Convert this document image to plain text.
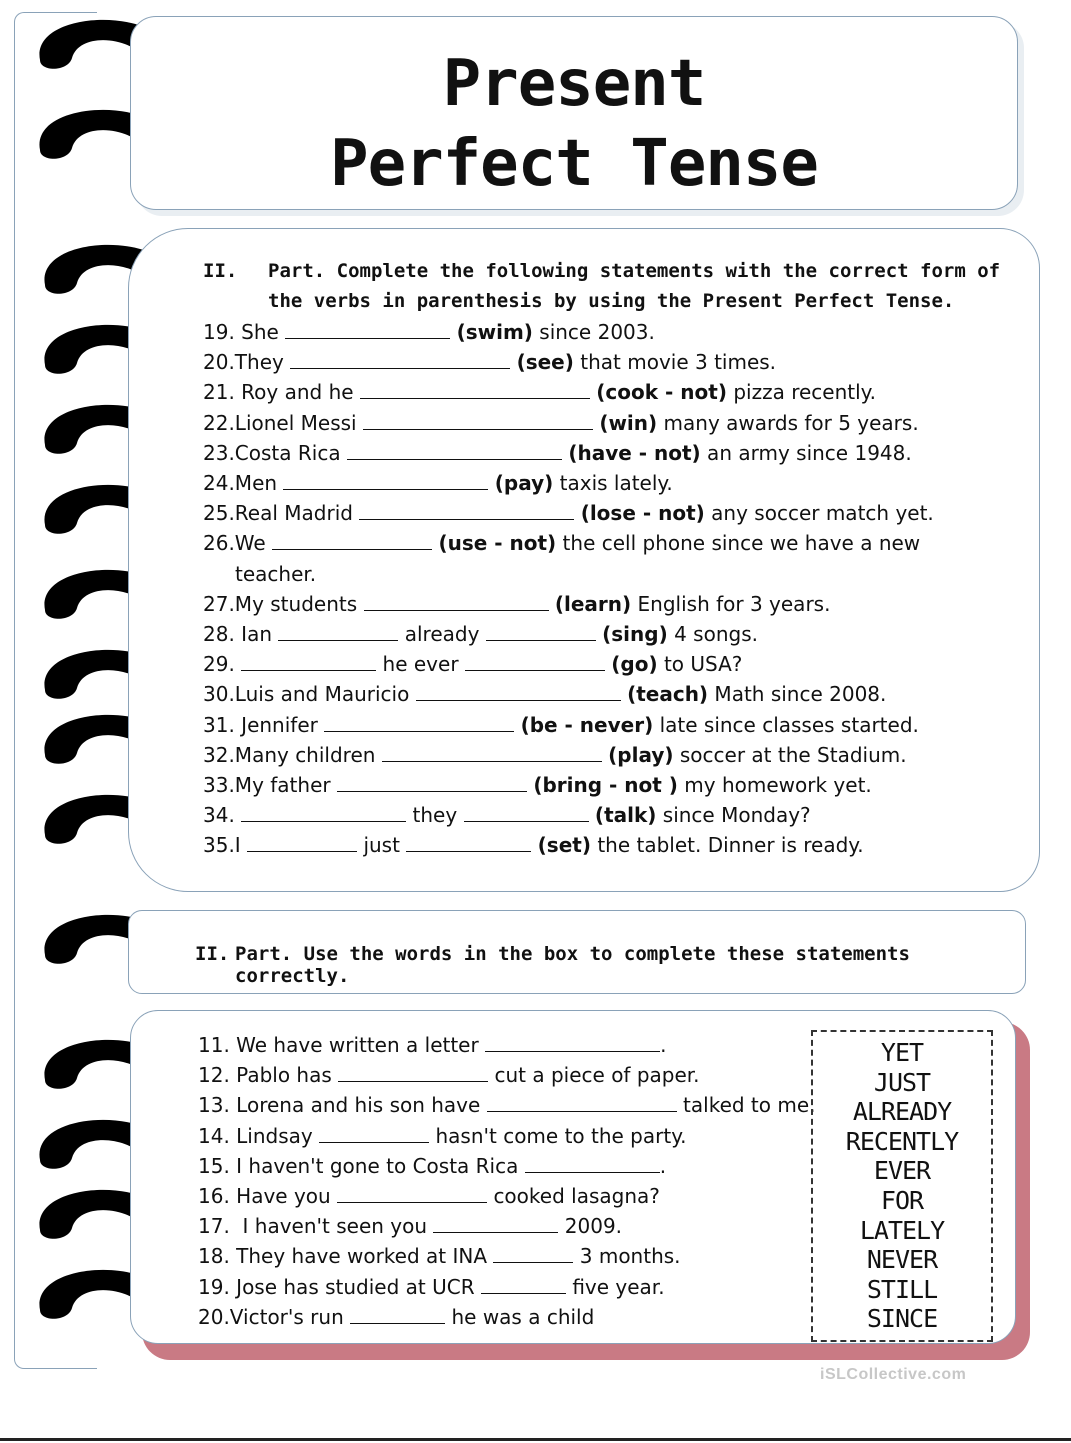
Present
Perfect Tense
II. Part. Complete the following statements with the correct form of
the verbs in parenthesis by using the Present Perfect Tense.
19. She	(swim) since 2003.
20.They	(see) that movie 3 times.
21. Roy and he	(cook - not) pizza recently.
22.Lionel Messi	(win) many awards for 5 years.
23.Costa Rica	(have - not) an army since 1948.
24.Men	(pay) taxis lately.
25.Real Madrid	(lose - not) any soccer match yet.
26.We	(use - not) the cell phone since we have a new
teacher.
27.My students	(learn) English for 3 years.
28. Ian	already	(sing) 4 songs.
29.	he ever	(go) to USA?
30.Luis and Mauricio	(teach) Math since 2008.
31. Jennifer	(be - never) late since classes started.
32.Many children	(play) soccer at the Stadium.
33.My father	(bring - not ) my homework yet.
34.	they	(talk) since Monday?
35.I	just	(set) the tablet. Dinner is ready.
II. Part. Use the words in the box to complete these statements correctly.
11. We have written a letter	.
12. Pablo has	cut a piece of paper.
13. Lorena and his son have	talked to me.
14. Lindsay	hasn't come to the party.
15. I haven't gone to Costa Rica	.
16. Have you	cooked lasagna?
17.  I haven't seen you	2009.
18. They have worked at INA	3 months.
19. Jose has studied at UCR	five year.
20.Victor's run	he was a child
YET
JUST
ALREADY
RECENTLY
EVER
FOR
LATELY
NEVER
STILL
SINCE
iSLCollective.com
